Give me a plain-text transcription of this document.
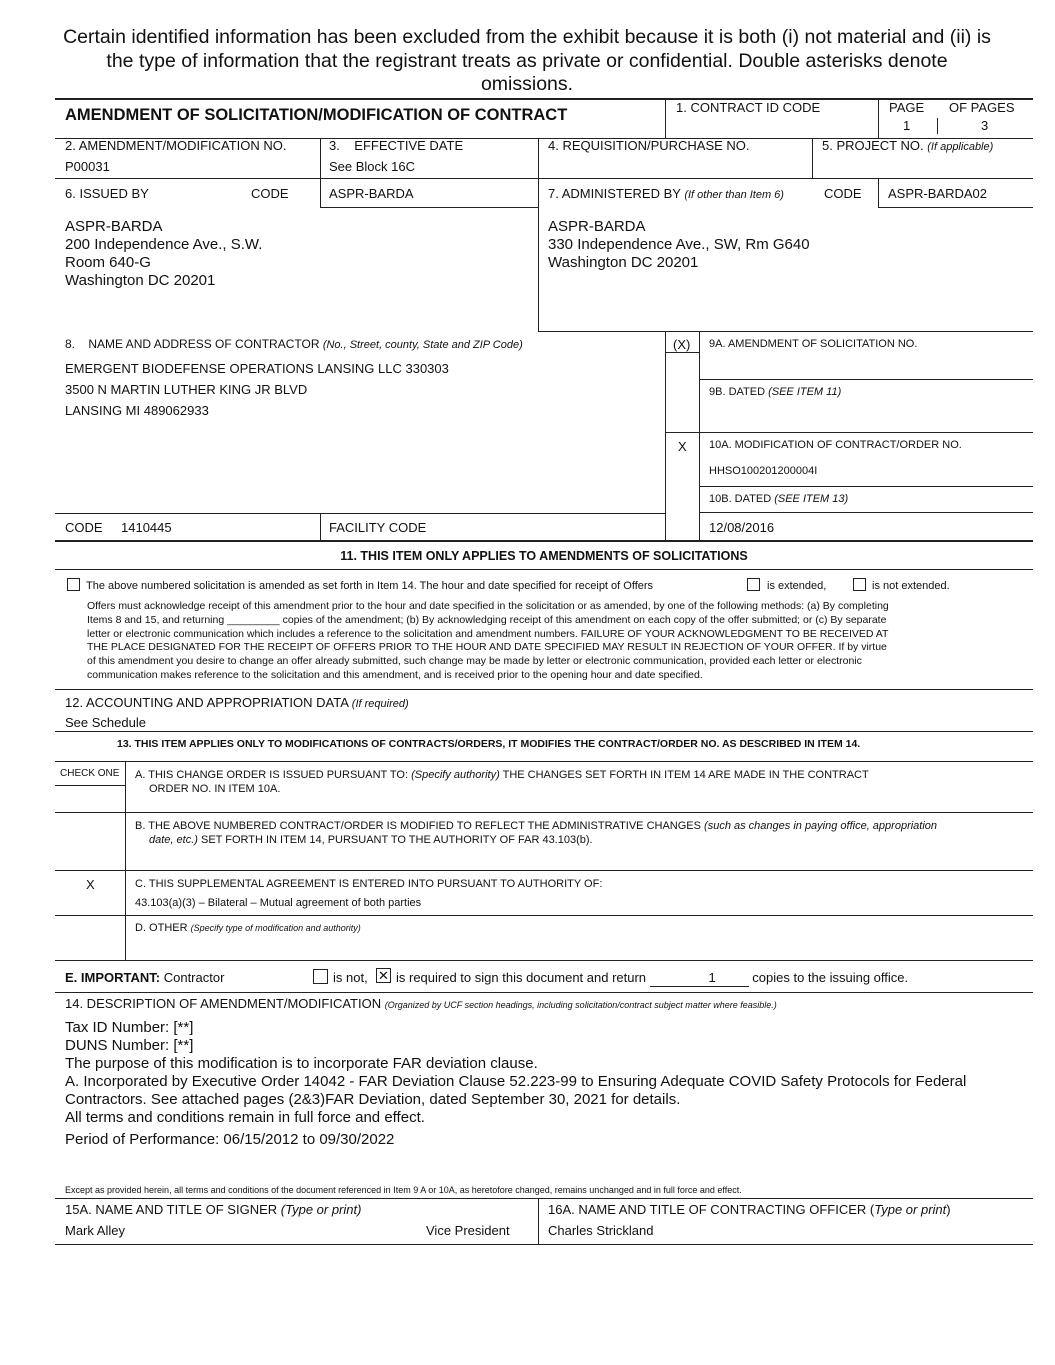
Certain identified information has been excluded from the exhibit because it is both (i) not material and (ii) is the type of information that the registrant treats as private or confidential. Double asterisks denote omissions.
AMENDMENT OF SOLICITATION/MODIFICATION OF CONTRACT	1. CONTRACT ID CODE	PAGE OF PAGES
1	3
2. AMENDMENT/MODIFICATION NO.
P00031
3.    EFFECTIVE DATE
See Block 16C
4. REQUISITION/PURCHASE NO.	5. PROJECT NO. (If applicable)
6. ISSUED BY	CODE	ASPR-BARDA	7. ADMINISTERED BY (If other than Item 6)	CODE ASPR-BARDA02
ASPR-BARDA
200 Independence Ave., S.W.
Room 640-G
Washington DC 20201
ASPR-BARDA
330 Independence Ave., SW, Rm G640
Washington DC 20201
8.    NAME AND ADDRESS OF CONTRACTOR (No., Street, county, State and ZIP Code)
EMERGENT BIODEFENSE OPERATIONS LANSING LLC 330303
3500 N MARTIN LUTHER KING JR BLVD
LANSING MI 489062933
(X) 9A. AMENDMENT OF SOLICITATION NO.
9B. DATED (SEE ITEM 11)
X 10A. MODIFICATION OF CONTRACT/ORDER NO.
HHSO100201200004I
10B. DATED (SEE ITEM 13)
12/08/2016
CODE 1410445	FACILITY CODE
11. THIS ITEM ONLY APPLIES TO AMENDMENTS OF SOLICITATIONS
The above numbered solicitation is amended as set forth in Item 14. The hour and date specified for receipt of Offers	is extended,	is not extended.
Offers must acknowledge receipt of this amendment prior to the hour and date specified in the solicitation or as amended, by one of the following methods: (a) By completing
Items 8 and 15, and returning _________ copies of the amendment; (b) By acknowledging receipt of this amendment on each copy of the offer submitted; or (c) By separate
letter or electronic communication which includes a reference to the solicitation and amendment numbers. FAILURE OF YOUR ACKNOWLEDGMENT TO BE RECEIVED AT
THE PLACE DESIGNATED FOR THE RECEIPT OF OFFERS PRIOR TO THE HOUR AND DATE SPECIFIED MAY RESULT IN REJECTION OF YOUR OFFER. If by virtue
of this amendment you desire to change an offer already submitted, such change may be made by letter or electronic communication, provided each letter or electronic
communication makes reference to the solicitation and this amendment, and is received prior to the opening hour and date specified.
12. ACCOUNTING AND APPROPRIATION DATA (If required)
See Schedule
13. THIS ITEM APPLIES ONLY TO MODIFICATIONS OF CONTRACTS/ORDERS, IT MODIFIES THE CONTRACT/ORDER NO. AS DESCRIBED IN ITEM 14.
CHECK ONE A. THIS CHANGE ORDER IS ISSUED PURSUANT TO: (Specify authority) THE CHANGES SET FORTH IN ITEM 14 ARE MADE IN THE CONTRACT
ORDER NO. IN ITEM 10A.
B. THE ABOVE NUMBERED CONTRACT/ORDER IS MODIFIED TO REFLECT THE ADMINISTRATIVE CHANGES (such as changes in paying office, appropriation
date, etc.) SET FORTH IN ITEM 14, PURSUANT TO THE AUTHORITY OF FAR 43.103(b).
X	C. THIS SUPPLEMENTAL AGREEMENT IS ENTERED INTO PURSUANT TO AUTHORITY OF:
43.103(a)(3) – Bilateral – Mutual agreement of both parties
D. OTHER (Specify type of modification and authority)
E. IMPORTANT: Contractor	is not, ✕ is required to sign this document and return	1	copies to the issuing office.
14. DESCRIPTION OF AMENDMENT/MODIFICATION (Organized by UCF section headings, including solicitation/contract subject matter where feasible.)
Tax ID Number: [**]
DUNS Number: [**]
The purpose of this modification is to incorporate FAR deviation clause.
A. Incorporated by Executive Order 14042 - FAR Deviation Clause 52.223-99 to Ensuring Adequate COVID Safety Protocols for Federal
Contractors. See attached pages (2&3)FAR Deviation, dated September 30, 2021 for details.
All terms and conditions remain in full force and effect.
Period of Performance: 06/15/2012 to 09/30/2022
Except as provided herein, all terms and conditions of the document referenced in Item 9 A or 10A, as heretofore changed, remains unchanged and in full force and effect.
15A. NAME AND TITLE OF SIGNER (Type or print)
Mark Alley	Vice President
16A. NAME AND TITLE OF CONTRACTING OFFICER (Type or print)
Charles Strickland
